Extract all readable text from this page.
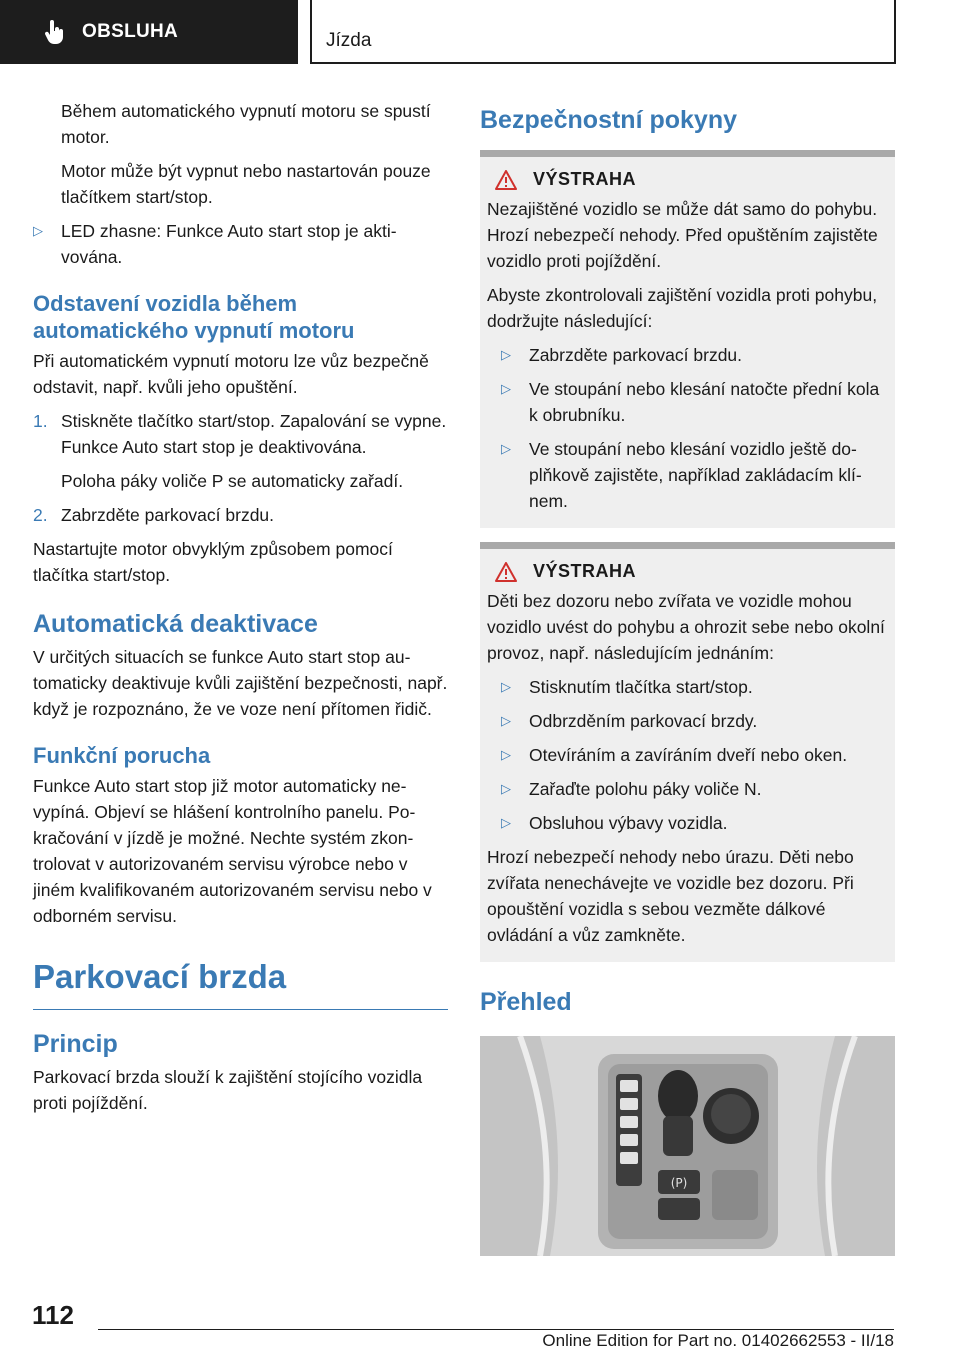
OBSLUHA	Jízda

Během automatického vypnutí motoru se spustí motor.

Motor může být vypnut nebo nastartován pouze tlačítkem start/stop.

▷	LED zhasne: Funkce Auto start stop je aktivována.
Odstavení vozidla během automatického vypnutí motoru

Při automatickém vypnutí motoru lze vůz bezpečně odstavit, např. kvůli jeho opuštění.

1. Stiskněte tlačítko start/stop. Zapalování se vypne. Funkce Auto start stop je deaktivována.

Poloha páky voliče P se automaticky zařadí.

2. Zabrzděte parkovací brzdu.

Nastartujte motor obvyklým způsobem pomocí tlačítka start/stop.

Automatická deaktivace

V určitých situacích se funkce Auto start stop automaticky deaktivuje kvůli zajištění bezpečnosti, např. když je rozpoznáno, že ve voze není přítomen řidič.

Funkční porucha

Funkce Auto start stop již motor automaticky nevypíná. Objeví se hlášení kontrolního panelu. Pokračování v jízdě je možné. Nechte systém zkontrolovat v autorizovaném servisu výrobce nebo v jiném kvalifikovaném autorizovaném servisu nebo v odborném servisu.

Parkovací brzda
Princip

Parkovací brzda slouží k zajištění stojícího vozidla proti pojíždění.

Bezpečnostní pokyny
VÝSTRAHA

Nezajištěné vozidlo se může dát samo do pohybu. Hrozí nebezpečí nehody. Před opuštěním zajistěte vozidlo proti pojíždění.

Abyste zkontrolovali zajištění vozidla proti pohybu, dodržujte následující:

▷	Zabrzděte parkovací brzdu.
▷	Ve stoupání nebo klesání natočte přední kola k obrubníku.
▷	Ve stoupání nebo klesání vozidlo ještě doplňkově zajistěte, například zakládacím klínem.
VÝSTRAHA

Děti bez dozoru nebo zvířata ve vozidle mohou vozidlo uvést do pohybu a ohrozit sebe nebo okolní provoz, např. následujícím jednáním:

▷	Stisknutím tlačítka start/stop.
▷	Odbrzděním parkovací brzdy.
▷	Otevíráním a zavíráním dveří nebo oken.
▷	Zařaďte polohu páky voliče N.
▷	Obsluhou výbavy vozidla.

Hrozí nebezpečí nehody nebo úrazu. Děti nebo zvířata nenechávejte ve vozidle bez dozoru. Při opouštění vozidla s sebou vezměte dálkové ovládání a vůz zamkněte.

Přehled
(P)
112
Online Edition for Part no. 01402662553 - II/18
